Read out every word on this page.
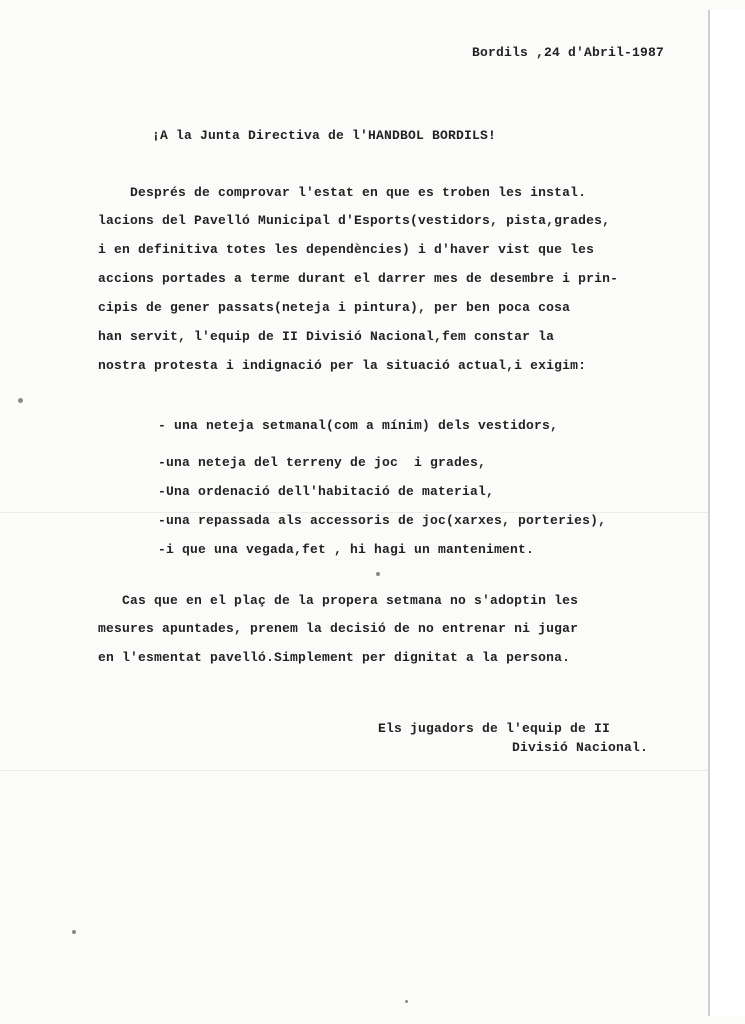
Bordils ,24 d'Abril-1987

¡A la Junta Directiva de l'HANDBOL BORDILS!

Després de comprovar l'estat en que es troben les instal.

lacions del Pavelló Municipal d'Esports(vestidors, pista,grades,

i en definitiva totes les dependències) i d'haver vist que les

accions portades a terme durant el darrer mes de desembre i prin-

cipis de gener passats(neteja i pintura), per ben poca cosa

han servit, l'equip de II Divisió Nacional,fem constar la

nostra protesta i indignació per la situació actual,i exigim:

- una neteja setmanal(com a mínim) dels vestidors,

-una neteja del terreny de joc  i grades,

-Una ordenació dell'habitació de material,

-una repassada als accessoris de joc(xarxes, porteries),

-i que una vegada,fet , hi hagi un manteniment.

Cas que en el plaç de la propera setmana no s'adoptin les

mesures apuntades, prenem la decisió de no entrenar ni jugar

en l'esmentat pavelló.Simplement per dignitat a la persona.

Els jugadors de l'equip de II

Divisió Nacional.
